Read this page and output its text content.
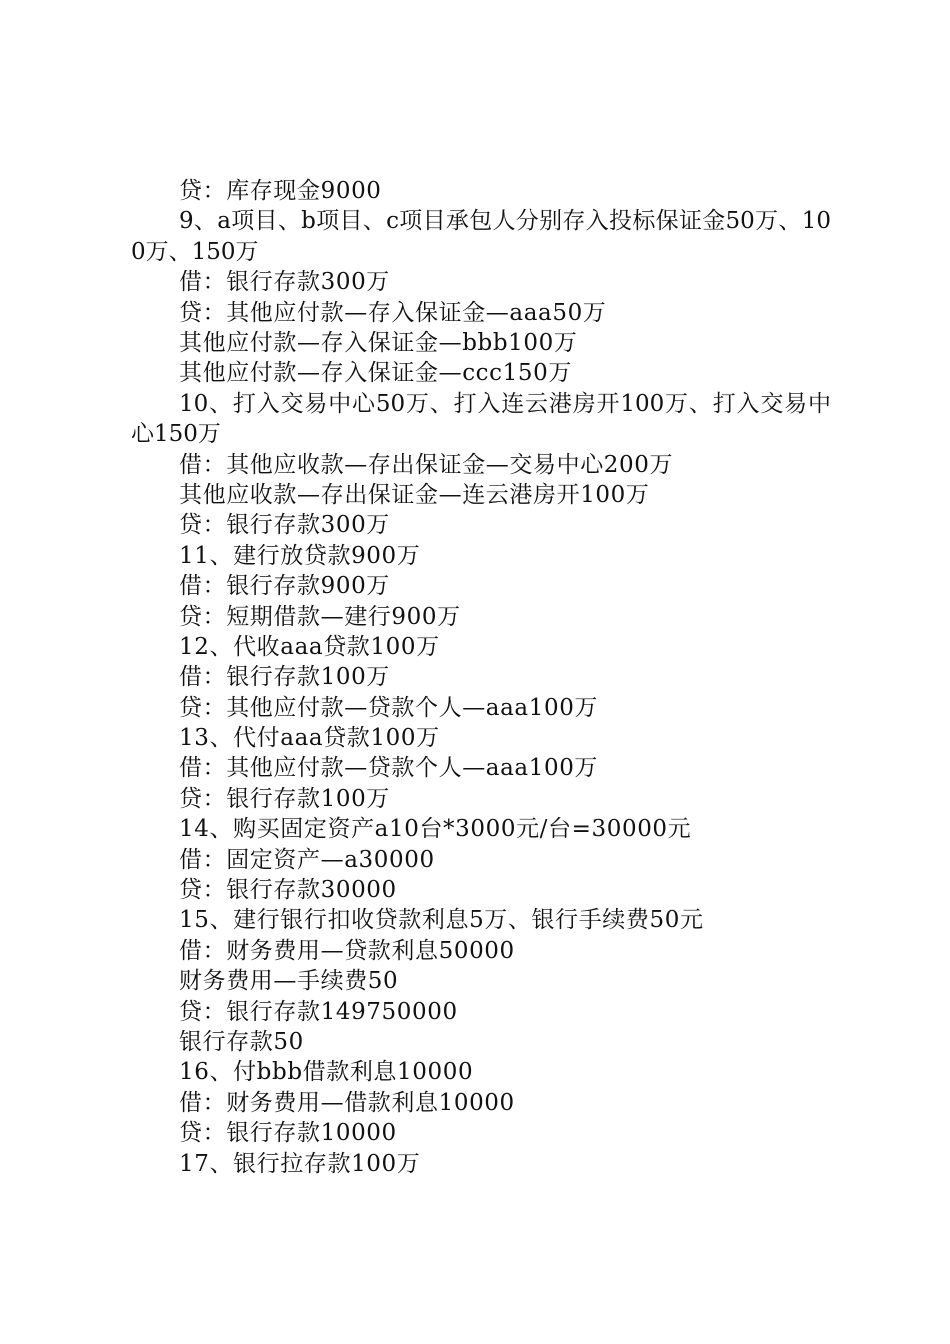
贷：库存现金9000
9、a项目、b项目、c项目承包人分别存入投标保证金50万、100万、150万
借：银行存款300万
贷：其他应付款—存入保证金—aaa50万
其他应付款—存入保证金—bbb100万
其他应付款—存入保证金—ccc150万
10、打入交易中心50万、打入连云港房开100万、打入交易中心150万
借：其他应收款—存出保证金—交易中心200万
其他应收款—存出保证金—连云港房开100万
贷：银行存款300万
11、建行放贷款900万
借：银行存款900万
贷：短期借款—建行900万
12、代收aaa贷款100万
借：银行存款100万
贷：其他应付款—贷款个人—aaa100万
13、代付aaa贷款100万
借：其他应付款—贷款个人—aaa100万
贷：银行存款100万
14、购买固定资产a10台*3000元/台=30000元
借：固定资产—a30000
贷：银行存款30000
15、建行银行扣收贷款利息5万、银行手续费50元
借：财务费用—贷款利息50000
财务费用—手续费50
贷：银行存款149750000
银行存款50
16、付bbb借款利息10000
借：财务费用—借款利息10000
贷：银行存款10000
17、银行拉存款100万
